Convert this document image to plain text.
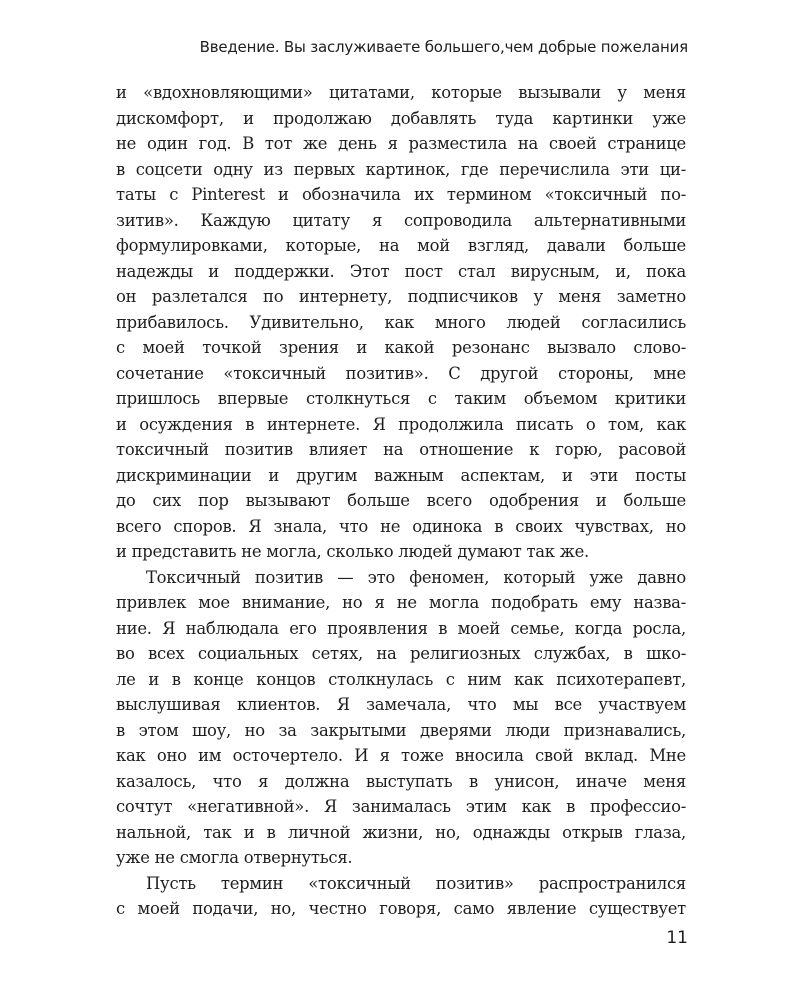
Введение. Вы заслуживаете большего,чем добрые пожелания
и «вдохновляющими» цитатами, которые вызывали у меня
дискомфорт, и продолжаю добавлять туда картинки уже
не один год. В тот же день я разместила на своей странице
в соцсети одну из первых картинок, где перечислила эти ци-
таты с Pinterest и обозначила их термином «токсичный по-
зитив». Каждую цитату я сопроводила альтернативными
формулировками, которые, на мой взгляд, давали больше
надежды и поддержки. Этот пост стал вирусным, и, пока
он разлетался по интернету, подписчиков у меня заметно
прибавилось. Удивительно, как много людей согласились
с моей точкой зрения и какой резонанс вызвало слово-
сочетание «токсичный позитив». С другой стороны, мне
пришлось впервые столкнуться с таким объемом критики
и осуждения в интернете. Я продолжила писать о том, как
токсичный позитив влияет на отношение к горю, расовой
дискриминации и другим важным аспектам, и эти посты
до сих пор вызывают больше всего одобрения и больше
всего споров. Я знала, что не одинока в своих чувствах, но
и представить не могла, сколько людей думают так же.
Токсичный позитив — это феномен, который уже давно
привлек мое внимание, но я не могла подобрать ему назва-
ние. Я наблюдала его проявления в моей семье, когда росла,
во всех социальных сетях, на религиозных службах, в шко-
ле и в конце концов столкнулась с ним как психотерапевт,
выслушивая клиентов. Я замечала, что мы все участвуем
в этом шоу, но за закрытыми дверями люди признавались,
как оно им осточертело. И я тоже вносила свой вклад. Мне
казалось, что я должна выступать в унисон, иначе меня
сочтут «негативной». Я занималась этим как в профессио-
нальной, так и в личной жизни, но, однажды открыв глаза,
уже не смогла отвернуться.
Пусть термин «токсичный позитив» распространился
с моей подачи, но, честно говоря, само явление существует
11
